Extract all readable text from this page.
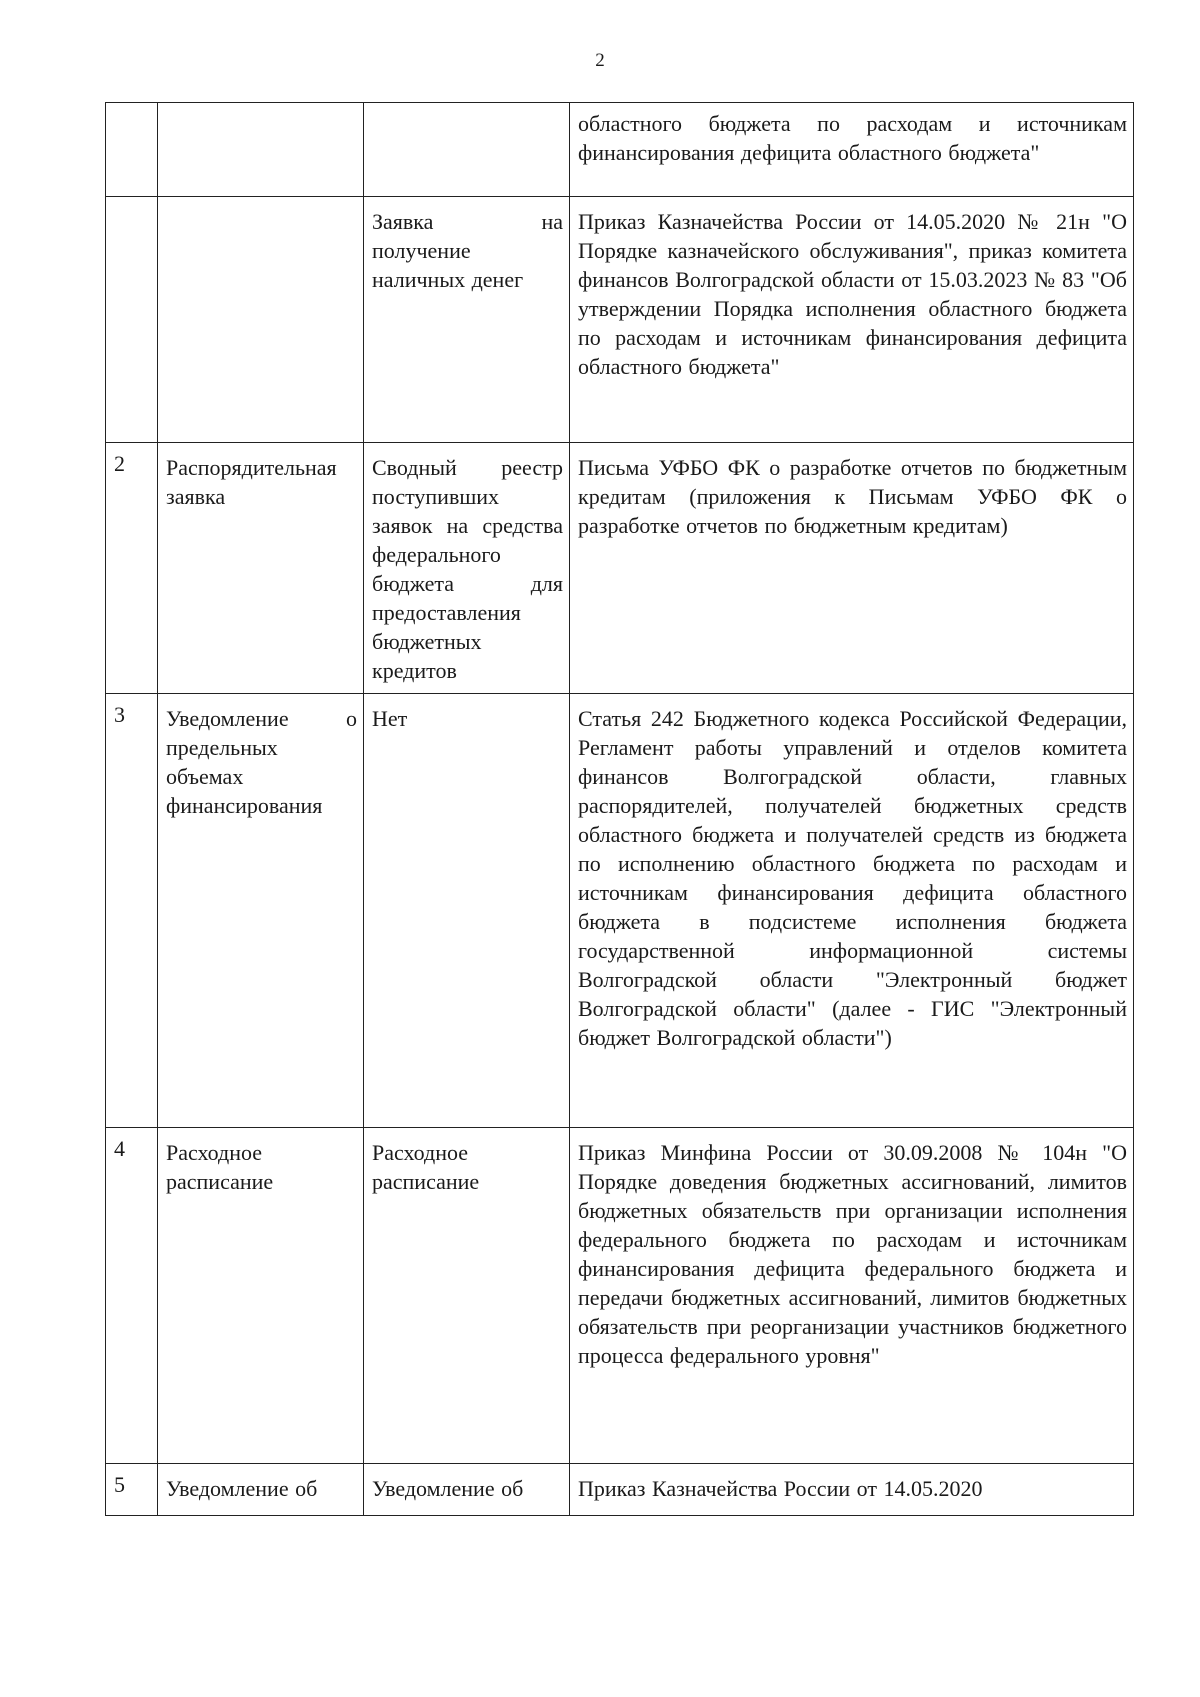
2
			областного бюджета по расходам и источникам финансирования дефицита областного бюджета"
		Заявка на получение наличных денег	Приказ Казначейства России от 14.05.2020 № 21н "О Порядке казначейского обслуживания", приказ комитета финансов Волгоградской области от 15.03.2023 № 83 "Об утверждении Порядка исполнения областного бюджета по расходам и источникам финансирования дефицита областного бюджета"
2	Распорядительная заявка	Сводный реестр поступивших заявок на средства федерального бюджета для предоставления бюджетных кредитов	Письма УФБО ФК о разработке отчетов по бюджетным кредитам (приложения к Письмам УФБО ФК о разработке отчетов по бюджетным кредитам)
3	Уведомление о предельных объемах финансирования	Нет	Статья 242 Бюджетного кодекса Российской Федерации, Регламент работы управлений и отделов комитета финансов Волгоградской области, главных распорядителей, получателей бюджетных средств областного бюджета и получателей средств из бюджета по исполнению областного бюджета по расходам и источникам финансирования дефицита областного бюджета в подсистеме исполнения бюджета государственной информационной системы Волгоградской области "Электронный бюджет Волгоградской области" (далее - ГИС "Электронный бюджет Волгоградской области")
4	Расходное расписание	Расходное расписание	Приказ Минфина России от 30.09.2008 № 104н "О Порядке доведения бюджетных ассигнований, лимитов бюджетных обязательств при организации исполнения федерального бюджета по расходам и источникам финансирования дефицита федерального бюджета и передачи бюджетных ассигнований, лимитов бюджетных обязательств при реорганизации участников бюджетного процесса федерального уровня"
5	Уведомление об	Уведомление об	Приказ Казначейства России от 14.05.2020
